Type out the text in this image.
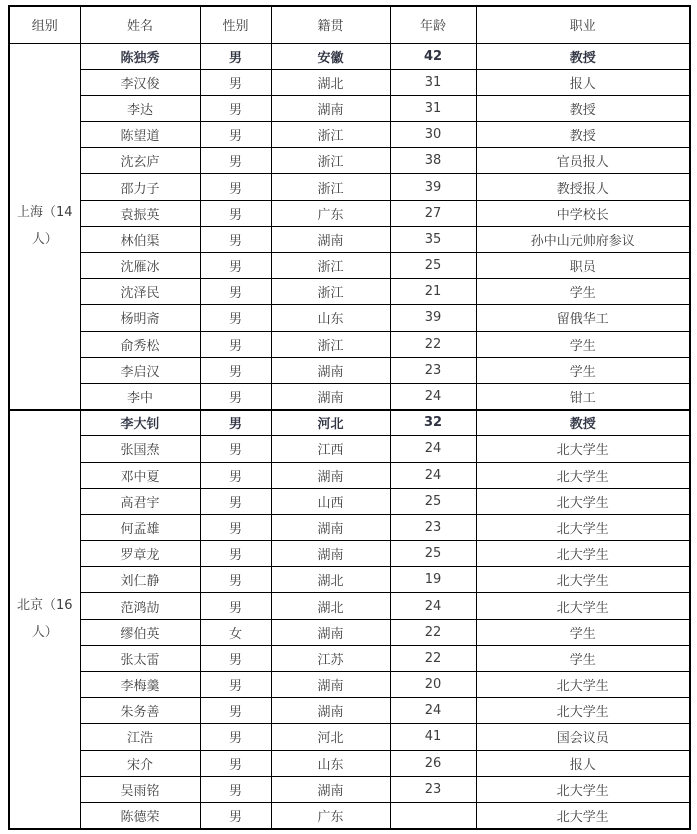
组别	姓名	性别	籍贯	年龄	职业
上海（14人）	陈独秀	男	安徽	42	教授
	李汉俊	男	湖北	31	报人
	李达	男	湖南	31	教授
	陈望道	男	浙江	30	教授
	沈玄庐	男	浙江	38	官员报人
	邵力子	男	浙江	39	教授报人
	袁振英	男	广东	27	中学校长
	林伯渠	男	湖南	35	孙中山元帅府参议
	沈雁冰	男	浙江	25	职员
	沈泽民	男	浙江	21	学生
	杨明斋	男	山东	39	留俄华工
	俞秀松	男	浙江	22	学生
	李启汉	男	湖南	23	学生
	李中	男	湖南	24	钳工
北京（16人）	李大钊	男	河北	32	教授
	张国焘	男	江西	24	北大学生
	邓中夏	男	湖南	24	北大学生
	高君宇	男	山西	25	北大学生
	何孟雄	男	湖南	23	北大学生
	罗章龙	男	湖南	25	北大学生
	刘仁静	男	湖北	19	北大学生
	范鸿劼	男	湖北	24	北大学生
	缪伯英	女	湖南	22	学生
	张太雷	男	江苏	22	学生
	李梅羹	男	湖南	20	北大学生
	朱务善	男	湖南	24	北大学生
	江浩	男	河北	41	国会议员
	宋介	男	山东	26	报人
	吴雨铭	男	湖南	23	北大学生
	陈德荣	男	广东		北大学生
